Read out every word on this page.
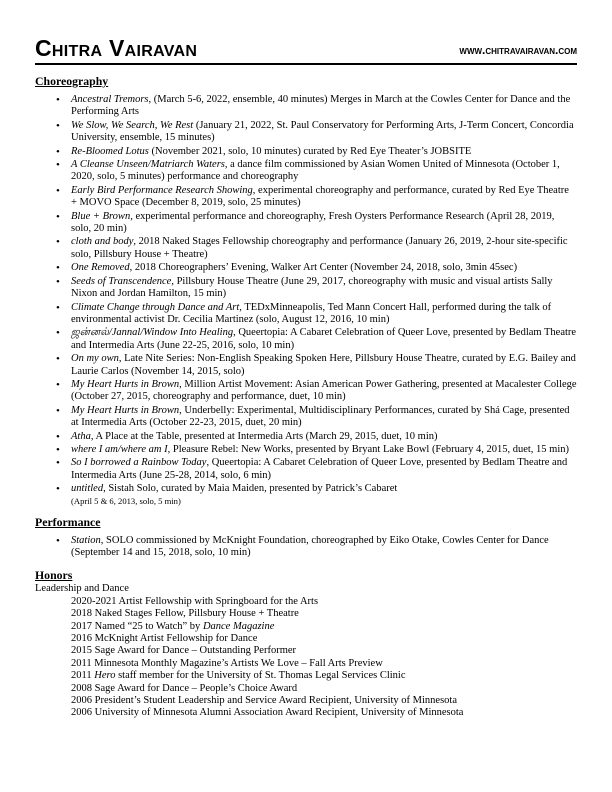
Chitra Vairavan	www.chitravairavan.com
Choreography
• Ancestral Tremors, (March 5-6, 2022, ensemble, 40 minutes) Merges in March at the Cowles Center for Dance and the Performing Arts
• We Slow, We Search, We Rest (January 21, 2022, St. Paul Conservatory for Performing Arts, J-Term Concert, Concordia University, ensemble, 15 minutes)
• Re-Bloomed Lotus (November 2021, solo, 10 minutes) curated by Red Eye Theater’s JOBSITE
• A Cleanse Unseen/Matriarch Waters, a dance film commissioned by Asian Women United of Minnesota (October 1, 2020, solo, 5 minutes) performance and choreography
• Early Bird Performance Research Showing, experimental choreography and performance, curated by Red Eye Theatre + MOVO Space (December 8, 2019, solo, 25 minutes)
• Blue + Brown, experimental performance and choreography, Fresh Oysters Performance Research (April 28, 2019, solo, 20 min)
• cloth and body, 2018 Naked Stages Fellowship choreography and performance (January 26, 2019, 2-hour site-specific solo, Pillsbury House + Theatre)
• One Removed, 2018 Choreographers’ Evening, Walker Art Center (November 24, 2018, solo, 3min 45sec)
• Seeds of Transcendence, Pillsbury House Theatre (June 29, 2017, choreography with music and visual artists Sally Nixon and Jordan Hamilton, 15 min)
• Climate Change through Dance and Art, TEDxMinneapolis, Ted Mann Concert Hall, performed during the talk of environmental activist Dr. Cecilia Martinez (solo, August 12, 2016, 10 min)
• ஜன்னல்/Jannal/Window Into Healing, Queertopia: A Cabaret Celebration of Queer Love, presented by Bedlam Theatre and Intermedia Arts (June 22-25, 2016, solo, 10 min)
• On my own, Late Nite Series: Non-English Speaking Spoken Here, Pillsbury House Theatre, curated by E.G. Bailey and Laurie Carlos (November 14, 2015, solo)
• My Heart Hurts in Brown, Million Artist Movement: Asian American Power Gathering, presented at Macalester College (October 27, 2015, choreography and performance, duet, 10 min)
• My Heart Hurts in Brown, Underbelly: Experimental, Multidisciplinary Performances, curated by Shá Cage, presented at Intermedia Arts (October 22-23, 2015, duet, 20 min)
• Atha, A Place at the Table, presented at Intermedia Arts (March 29, 2015, duet, 10 min)
• where I am/where am I, Pleasure Rebel: New Works, presented by Bryant Lake Bowl (February 4, 2015, duet, 15 min)
• So I borrowed a Rainbow Today, Queertopia: A Cabaret Celebration of Queer Love, presented by Bedlam Theatre and Intermedia Arts (June 25-28, 2014, solo, 6 min)
• untitled, Sistah Solo, curated by Maia Maiden, presented by Patrick’s Cabaret
(April 5 & 6, 2013, solo, 5 min)
Performance
• Station, SOLO commissioned by McKnight Foundation, choreographed by Eiko Otake, Cowles Center for Dance (September 14 and 15, 2018, solo, 10 min)
Honors
Leadership and Dance
2020-2021 Artist Fellowship with Springboard for the Arts
2018 Naked Stages Fellow, Pillsbury House + Theatre
2017 Named “25 to Watch” by Dance Magazine
2016 McKnight Artist Fellowship for Dance
2015 Sage Award for Dance – Outstanding Performer
2011 Minnesota Monthly Magazine’s Artists We Love – Fall Arts Preview
2011 Hero staff member for the University of St. Thomas Legal Services Clinic
2008 Sage Award for Dance – People’s Choice Award
2006 President’s Student Leadership and Service Award Recipient, University of Minnesota
2006 University of Minnesota Alumni Association Award Recipient, University of Minnesota
